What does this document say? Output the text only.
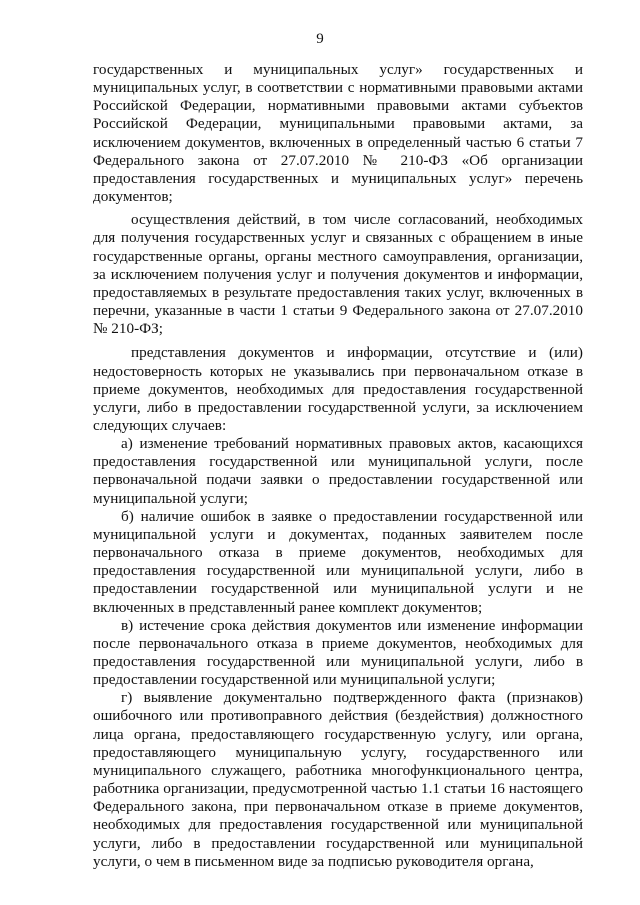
9

государственных и муниципальных услуг» государственных и муниципальных услуг, в соответствии с нормативными правовыми актами Российской Федерации, нормативными правовыми актами субъектов Российской Федерации, муниципальными правовыми актами, за исключением документов, включенных в определенный частью 6 статьи 7 Федерального закона от 27.07.2010 № 210-ФЗ «Об организации предоставления государственных и муниципальных услуг» перечень документов;

осуществления действий, в том числе согласований, необходимых для получения государственных услуг и связанных с обращением в иные государственные органы, органы местного самоуправления, организации, за исключением получения услуг и получения документов и информации, предоставляемых в результате предоставления таких услуг, включенных в перечни, указанные в части 1 статьи 9 Федерального закона от 27.07.2010 № 210-ФЗ;

представления документов и информации, отсутствие и (или) недостоверность которых не указывались при первоначальном отказе в приеме документов, необходимых для предоставления государственной услуги, либо в предоставлении государственной услуги, за исключением следующих случаев:

а) изменение требований нормативных правовых актов, касающихся предоставления государственной или муниципальной услуги, после первоначальной подачи заявки о предоставлении государственной или муниципальной услуги;

б) наличие ошибок в заявке о предоставлении государственной или муниципальной услуги и документах, поданных заявителем после первоначального отказа в приеме документов, необходимых для предоставления государственной или муниципальной услуги, либо в предоставлении государственной или муниципальной услуги и не включенных в представленный ранее комплект документов;

в) истечение срока действия документов или изменение информации после первоначального отказа в приеме документов, необходимых для предоставления государственной или муниципальной услуги, либо в предоставлении государственной или муниципальной услуги;

г) выявление документально подтвержденного факта (признаков) ошибочного или противоправного действия (бездействия) должностного лица органа, предоставляющего государственную услугу, или органа, предоставляющего муниципальную услугу, государственного или муниципального служащего, работника многофункционального центра, работника организации, предусмотренной частью 1.1 статьи 16 настоящего Федерального закона, при первоначальном отказе в приеме документов, необходимых для предоставления государственной или муниципальной услуги, либо в предоставлении государственной или муниципальной услуги, о чем в письменном виде за подписью руководителя органа,
